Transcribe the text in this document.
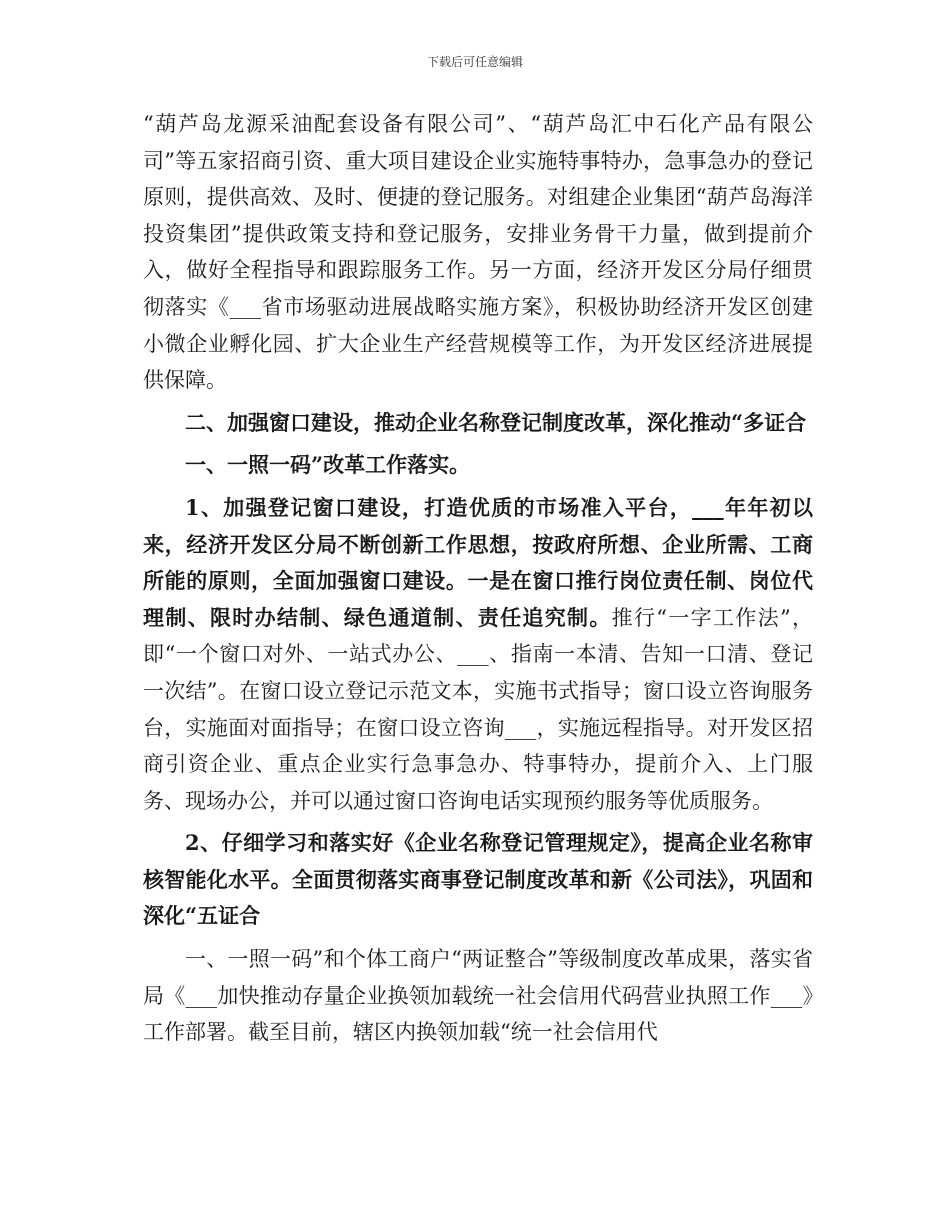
下载后可任意编辑

“葫芦岛龙源采油配套设备有限公司”、“葫芦岛汇中石化产品有限公司”等五家招商引资、重大项目建设企业实施特事特办，急事急办的登记原则，提供高效、及时、便捷的登记服务。对组建企业集团“葫芦岛海洋投资集团”提供政策支持和登记服务，安排业务骨干力量，做到提前介入，做好全程指导和跟踪服务工作。另一方面，经济开发区分局仔细贯彻落实《___省市场驱动进展战略实施方案》，积极协助经济开发区创建小微企业孵化园、扩大企业生产经营规模等工作，为开发区经济进展提供保障。

二、加强窗口建设，推动企业名称登记制度改革，深化推动“多证合

一、一照一码”改革工作落实。

1、加强登记窗口建设，打造优质的市场准入平台，___年年初以来，经济开发区分局不断创新工作思想，按政府所想、企业所需、工商所能的原则，全面加强窗口建设。一是在窗口推行岗位责任制、岗位代理制、限时办结制、绿色通道制、责任追究制。推行“一字工作法”，即“一个窗口对外、一站式办公、___、指南一本清、告知一口清、登记一次结”。在窗口设立登记示范文本，实施书式指导；窗口设立咨询服务台，实施面对面指导；在窗口设立咨询___，实施远程指导。对开发区招商引资企业、重点企业实行急事急办、特事特办，提前介入、上门服务、现场办公，并可以通过窗口咨询电话实现预约服务等优质服务。

2、仔细学习和落实好《企业名称登记管理规定》，提高企业名称审核智能化水平。全面贯彻落实商事登记制度改革和新《公司法》，巩固和深化“五证合

一、一照一码”和个体工商户“两证整合”等级制度改革成果，落实省局《___加快推动存量企业换领加载统一社会信用代码营业执照工作___》工作部署。截至目前，辖区内换领加载“统一社会信用代
